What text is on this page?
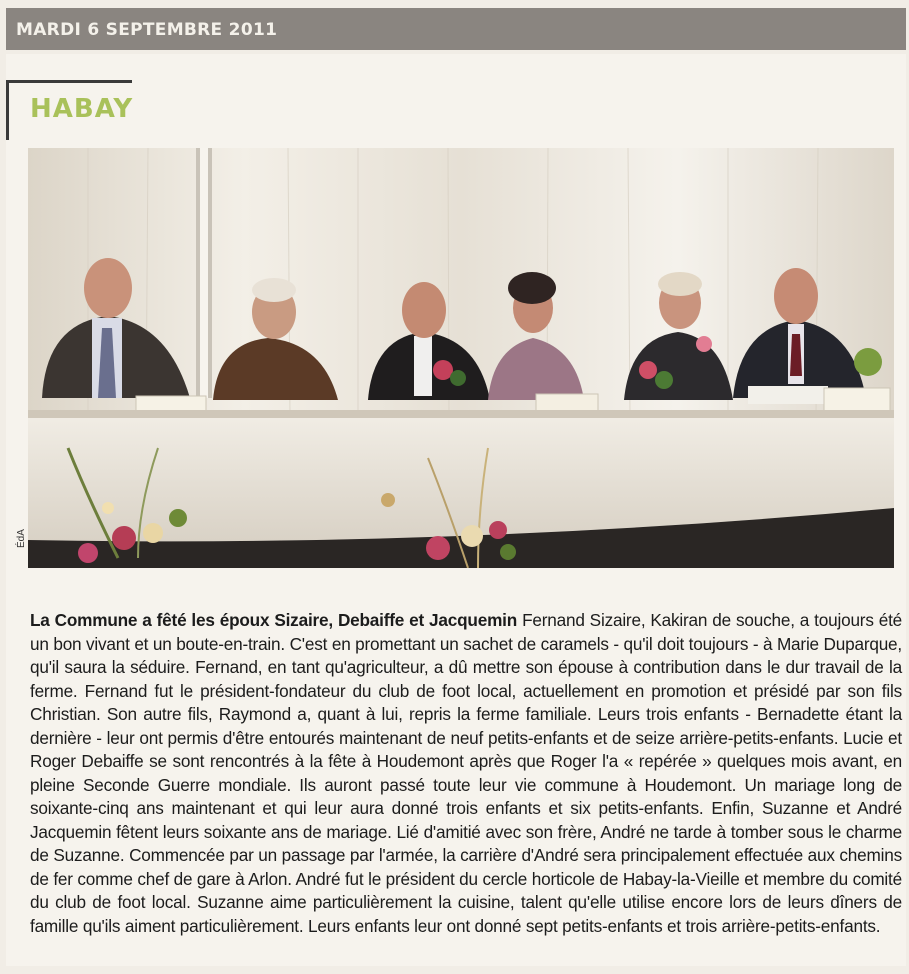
MARDI 6 SEPTEMBRE 2011
HABAY
ÉdA

La Commune a fêté les époux Sizaire, Debaiffe et Jacquemin Fernand Sizaire, Kakiran de souche, a toujours été un bon vivant et un boute-en-train. C'est en promettant un sachet de caramels - qu'il doit toujours - à Marie Duparque, qu'il saura la séduire. Fernand, en tant qu'agriculteur, a dû mettre son épouse à contribution dans le dur travail de la ferme. Fernand fut le président-fondateur du club de foot local, actuellement en promotion et présidé par son fils Christian. Son autre fils, Raymond a, quant à lui, repris la ferme familiale. Leurs trois enfants - Bernadette étant la dernière - leur ont permis d'être entourés maintenant de neuf petits-enfants et de seize arrière-petits-enfants. Lucie et Roger Debaiffe se sont rencontrés à la fête à Houdemont après que Roger l'a « repérée » quelques mois avant, en pleine Seconde Guerre mondiale. Ils auront passé toute leur vie commune à Houdemont. Un mariage long de soixante-cinq ans maintenant et qui leur aura donné trois enfants et six petits-enfants. Enfin, Suzanne et André Jacquemin fêtent leurs soixante ans de mariage. Lié d'amitié avec son frère, André ne tarde à tomber sous le charme de Suzanne. Commencée par un passage par l'armée, la carrière d'André sera principalement effectuée aux chemins de fer comme chef de gare à Arlon. André fut le président du cercle horticole de Habay-la-Vieille et membre du comité du club de foot local. Suzanne aime particulièrement la cuisine, talent qu'elle utilise encore lors de leurs dîners de famille qu'ils aiment particulièrement. Leurs enfants leur ont donné sept petits-enfants et trois arrière-petits-enfants.
